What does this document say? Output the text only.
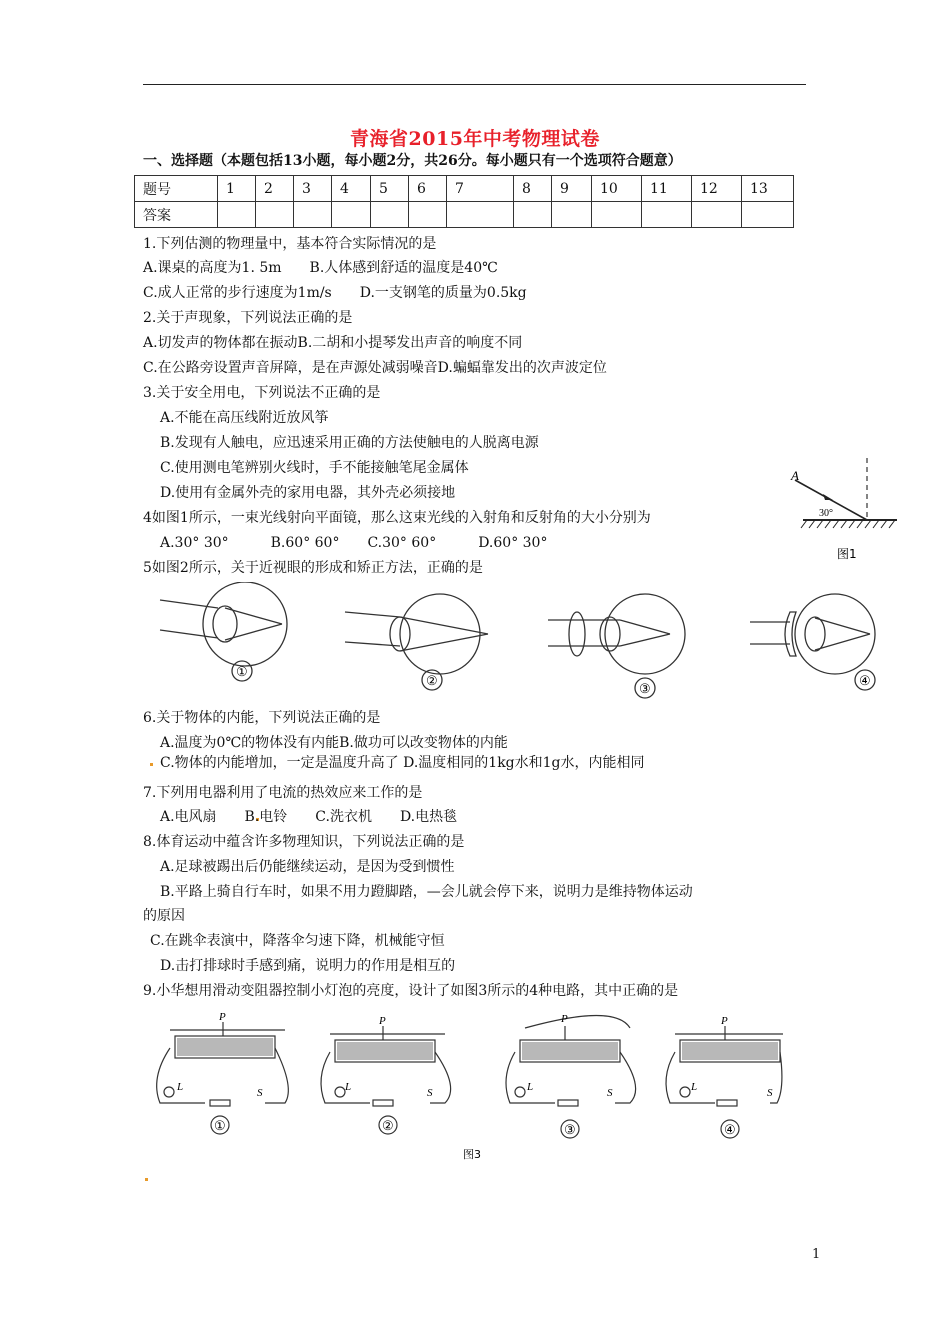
青海省2015年中考物理试卷
一、选择题（本题包括13小题，每小题2分，共26分。每小题只有一个选项符合题意）
题号	1	2	3	4	5	6	7	8	9	10	11	12	13
答案													
1.下列估测的物理量中，基本符合实际情况的是
A.课桌的高度为1. 5m　　B.人体感到舒适的温度是40℃
C.成人正常的步行速度为1m/s　　D.一支钢笔的质量为0.5kg
2.关于声现象，下列说法正确的是
A.切发声的物体都在振动B.二胡和小提琴发出声音的响度不同
C.在公路旁设置声音屏障，是在声源处减弱噪音D.蝙蝠靠发出的次声波定位
3.关于安全用电，下列说法不正确的是
A.不能在高压线附近放风筝
B.发现有人触电，应迅速采用正确的方法使触电的人脱离电源
C.使用测电笔辨别火线时，手不能接触笔尾金属体
D.使用有金属外壳的家用电器，其外壳必须接地
4如图1所示，一束光线射向平面镜，那么这束光线的入射角和反射角的大小分别为
A.30° 30°　　　B.60° 60°　　C.30° 60°　　　D.60° 30°
5如图2所示，关于近视眼的形成和矫正方法，正确的是
A
30°
图1
①
②
③
④
6.关于物体的内能，下列说法正确的是
A.温度为0℃的物体没有内能B.做功可以改变物体的内能
C.物体的内能增加，一定是温度升高了 D.温度相同的1kg水和1g水，内能相同
7.下列用电器利用了电流的热效应来工作的是
A.电风扇　　B.电铃　　C.洗衣机　　D.电热毯
8.体育运动中蕴含许多物理知识，下列说法正确的是
A.足球被踢出后仍能继续运动，是因为受到惯性
B.平路上骑自行车时，如果不用力蹬脚踏，—会儿就会停下来，说明力是维持物体运动
的原因
C.在跳伞表演中，降落伞匀速下降，机械能守恒
D.击打排球时手感到痛，说明力的作用是相互的
9.小华想用滑动变阻器控制小灯泡的亮度，设计了如图3所示的4种电路，其中正确的是
P	P	P	P
L	L	L	L
S	S	S	S
①	②	③	④
图3
1
